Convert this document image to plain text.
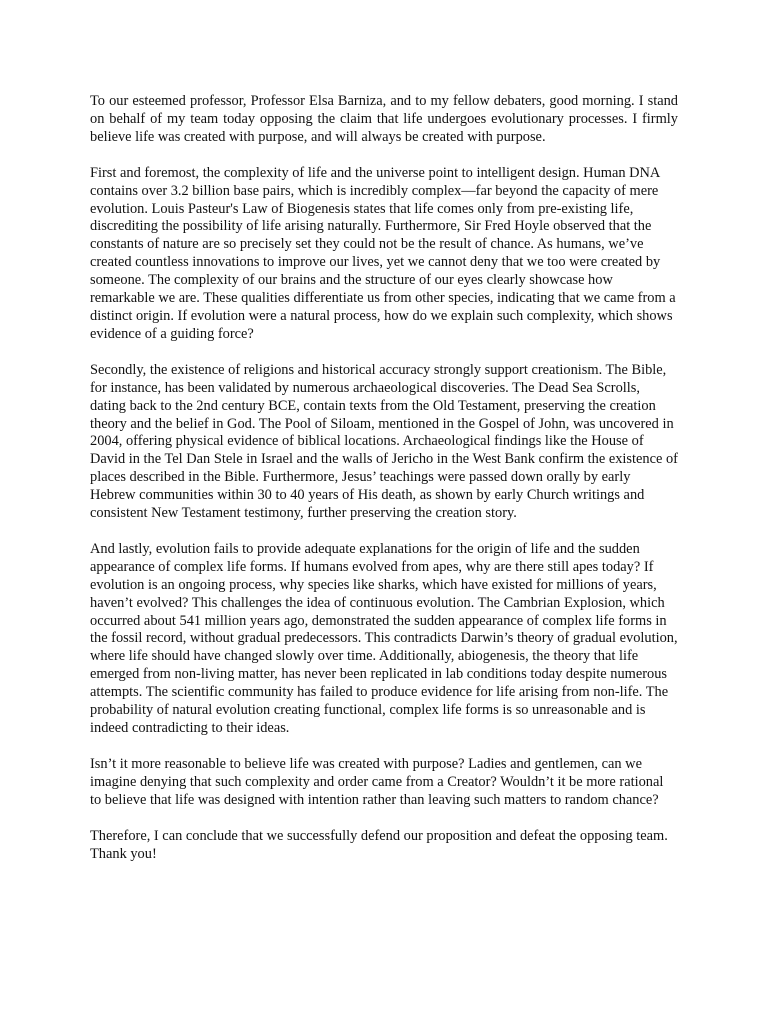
To our esteemed professor, Professor Elsa Barniza, and to my fellow debaters, good morning. I stand on behalf of my team today opposing the claim that life undergoes evolutionary processes. I firmly believe life was created with purpose, and will always be created with purpose.

First and foremost, the complexity of life and the universe point to intelligent design. Human DNA contains over 3.2 billion base pairs, which is incredibly complex—far beyond the capacity of mere evolution. Louis Pasteur's Law of Biogenesis states that life comes only from pre-existing life, discrediting the possibility of life arising naturally. Furthermore, Sir Fred Hoyle observed that the constants of nature are so precisely set they could not be the result of chance. As humans, we’ve created countless innovations to improve our lives, yet we cannot deny that we too were created by someone. The complexity of our brains and the structure of our eyes clearly showcase how remarkable we are. These qualities differentiate us from other species, indicating that we came from a distinct origin. If evolution were a natural process, how do we explain such complexity, which shows evidence of a guiding force?

Secondly, the existence of religions and historical accuracy strongly support creationism. The Bible, for instance, has been validated by numerous archaeological discoveries. The Dead Sea Scrolls, dating back to the 2nd century BCE, contain texts from the Old Testament, preserving the creation theory and the belief in God. The Pool of Siloam, mentioned in the Gospel of John, was uncovered in 2004, offering physical evidence of biblical locations. Archaeological findings like the House of David in the Tel Dan Stele in Israel and the walls of Jericho in the West Bank confirm the existence of places described in the Bible. Furthermore, Jesus’ teachings were passed down orally by early Hebrew communities within 30 to 40 years of His death, as shown by early Church writings and consistent New Testament testimony, further preserving the creation story.

And lastly, evolution fails to provide adequate explanations for the origin of life and the sudden appearance of complex life forms. If humans evolved from apes, why are there still apes today? If evolution is an ongoing process, why species like sharks, which have existed for millions of years, haven’t evolved? This challenges the idea of continuous evolution. The Cambrian Explosion, which occurred about 541 million years ago, demonstrated the sudden appearance of complex life forms in the fossil record, without gradual predecessors. This contradicts Darwin’s theory of gradual evolution, where life should have changed slowly over time. Additionally, abiogenesis, the theory that life emerged from non-living matter, has never been replicated in lab conditions today despite numerous attempts. The scientific community has failed to produce evidence for life arising from non-life. The probability of natural evolution creating functional, complex life forms is so unreasonable and is indeed contradicting to their ideas.

Isn’t it more reasonable to believe life was created with purpose? Ladies and gentlemen, can we imagine denying that such complexity and order came from a Creator? Wouldn’t it be more rational to believe that life was designed with intention rather than leaving such matters to random chance?

Therefore, I can conclude that we successfully defend our proposition and defeat the opposing team. Thank you!
